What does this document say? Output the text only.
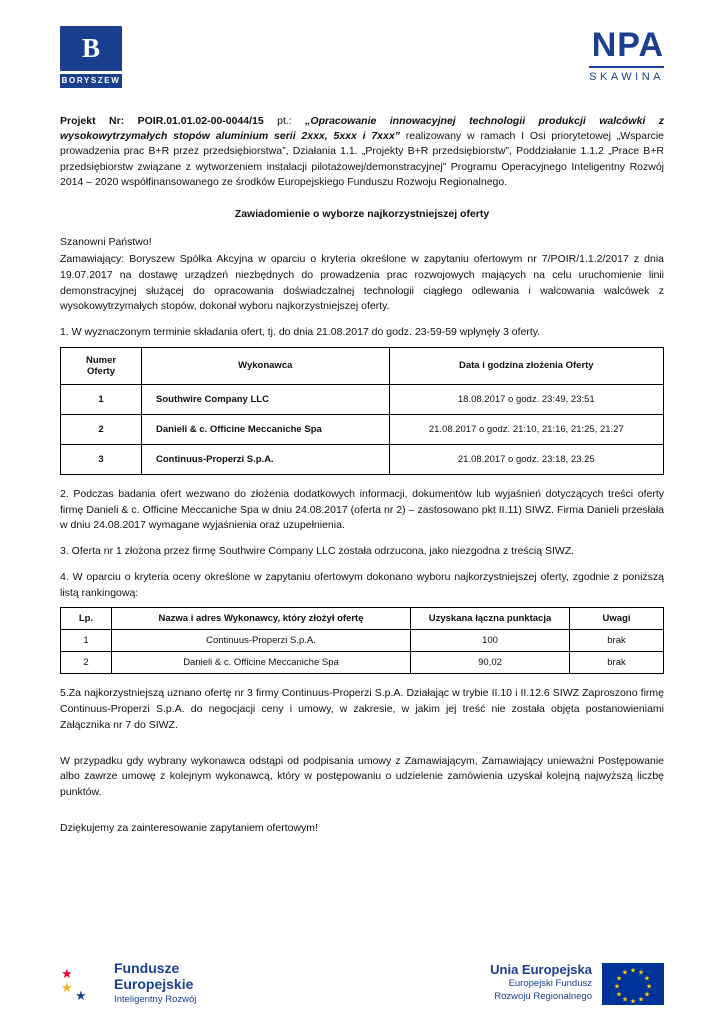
B
BORYSZEW
NPA
SKAWINA

Projekt Nr: POIR.01.01.02-00-0044/15 pt.: „Opracowanie innowacyjnej technologii produkcji walcówki z wysokowytrzymałych stopów aluminium serii 2xxx, 5xxx i 7xxx” realizowany w ramach I Osi priorytetowej „Wsparcie prowadzenia prac B+R przez przedsiębiorstwa”, Działania 1.1. „Projekty B+R przedsiębiorstw”, Poddziałanie 1.1.2 „Prace B+R przedsiębiorstw związane z wytworzeniem instalacji pilotażowej/demonstracyjnej” Programu Operacyjnego Inteligentny Rozwój 2014 – 2020 współfinansowanego ze środków Europejskiego Funduszu Rozwoju Regionalnego.

Zawiadomienie o wyborze najkorzystniejszej oferty
Szanowni Państwo!

Zamawiający: Boryszew Spółka Akcyjna w oparciu o kryteria określone w zapytaniu ofertowym nr 7/POIR/1.1.2/2017 z dnia 19.07.2017 na dostawę urządzeń niezbędnych do prowadzenia prac rozwojowych mających na celu uruchomienie linii demonstracyjnej służącej do opracowania doświadczalnej technologii ciągłego odlewania i walcowania walcówek z wysokowytrzymałych stopów, dokonał wyboru najkorzystniejszej oferty.

1. W wyznaczonym terminie składania ofert, tj. do dnia 21.08.2017 do godz. 23-59-59 wpłynęły 3 oferty.

Numer
Oferty	Wykonawca	Data i godzina złożenia Oferty
1	Southwire Company LLC	18.08.2017 o godz. 23:49, 23:51
2	Danieli & c. Officine Meccaniche Spa	21.08.2017 o godz. 21:10, 21:16, 21:25, 21.27
3	Continuus-Properzi S.p.A.	21.08.2017 o godz. 23:18, 23.25

2. Podczas badania ofert wezwano do złożenia dodatkowych informacji, dokumentów lub wyjaśnień dotyczących treści oferty firmę Danieli & c. Officine Meccaniche Spa w dniu 24.08.2017 (oferta nr 2) – zastosowano pkt II.11) SIWZ. Firma Danieli przesłała w dniu 24.08.2017 wymagane wyjaśnienia oraz uzupełnienia.

3. Oferta nr 1 złożona przez firmę Southwire Company LLC została odrzucona, jako niezgodna z treścią SIWZ.

4. W oparciu o kryteria oceny określone w zapytaniu ofertowym dokonano wyboru najkorzystniejszej oferty, zgodnie z poniższą listą rankingową:

Lp.	Nazwa i adres Wykonawcy, który złożył ofertę	Uzyskana łączna punktacja	Uwagi
1	Continuus-Properzi S.p.A.	100	brak
2	Danieli & c. Officine Meccaniche Spa	90,02	brak

5.Za najkorzystniejszą uznano ofertę nr 3 firmy Continuus-Properzi S.p.A. Działając w trybie II.10 i II.12.6 SIWZ Zaproszono firmę Continuus-Properzi S.p.A. do negocjacji ceny i umowy, w zakresie, w jakim jej treść nie została objęta postanowieniami Załącznika nr 7 do SIWZ.

W przypadku gdy wybrany wykonawca odstąpi od podpisania umowy z Zamawiającym, Zamawiający unieważni Postępowanie albo zawrze umowę z kolejnym wykonawcą, który w postępowaniu o udzielenie zamówienia uzyskał kolejną najwyższą liczbę punktów.

Dziękujemy za zainteresowanie zapytaniem ofertowym!

★
★
★
Fundusze
Europejskie
Inteligentny Rozwój
Unia Europejska
Europejski Fundusz
Rozwoju Regionalnego
★ ★
★
★
★
★
★
★
★
★
★
★
